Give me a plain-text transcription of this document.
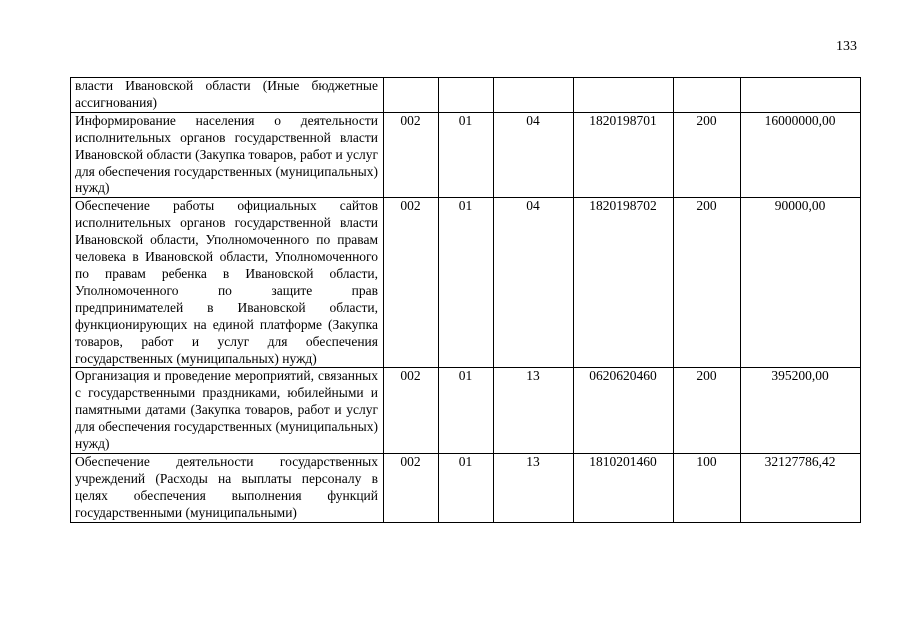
133
власти Ивановской области (Иные бюджетные ассигнования)						
Информирование населения о деятельности исполнительных органов государственной власти Ивановской области (Закупка товаров, работ и услуг для обеспечения государственных (муниципальных) нужд)	002	01	04	1820198701	200	16000000,00
Обеспечение работы официальных сайтов исполнительных органов государственной власти Ивановской области, Уполномоченного по правам человека в Ивановской области, Уполномоченного по правам ребенка в Ивановской области, Уполномоченного по защите прав предпринимателей в Ивановской области, функционирующих на единой платформе (Закупка товаров, работ и услуг для обеспечения государственных (муниципальных) нужд)	002	01	04	1820198702	200	90000,00
Организация и проведение мероприятий, связанных с государственными праздниками, юбилейными и памятными датами (Закупка товаров, работ и услуг для обеспечения государственных (муниципальных) нужд)	002	01	13	0620620460	200	395200,00
Обеспечение деятельности государственных учреждений (Расходы на выплаты персоналу в целях обеспечения выполнения функций государственными (муниципальными)	002	01	13	1810201460	100	32127786,42
